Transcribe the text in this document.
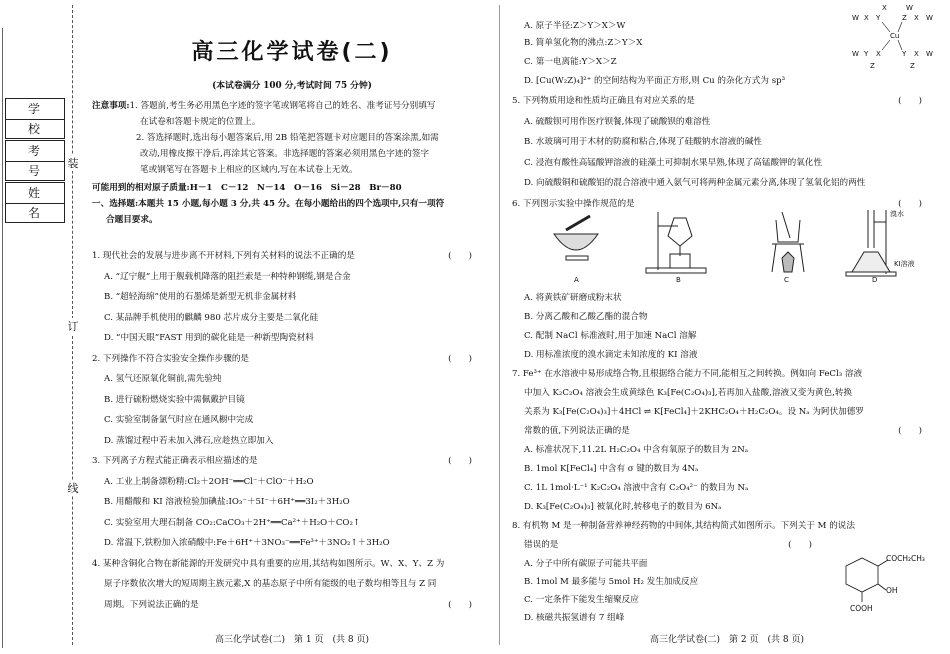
学 校
考 号
姓 名
装
订
线
高三化学试卷(二)
(本试卷满分 100 分,考试时间 75 分钟)
注意事项:1. 答题前,考生务必用黑色字迹的签字笔或钢笔将自己的姓名、准考证号分别填写
在试卷和答题卡规定的位置上。
2. 答选择题时,选出每小题答案后,用 2B 铅笔把答题卡对应题目的答案涂黑,如需
改动,用橡皮擦干净后,再涂其它答案。非选择题的答案必须用黑色字迹的签字
笔或钢笔写在答题卡上相应的区域内,写在本试卷上无效。
可能用到的相对原子质量:H－1　C－12　N－14　O－16　Si－28　Br－80
一、选择题:本题共 15 小题,每小题 3 分,共 45 分。在每小题给出的四个选项中,只有一项符
合题目要求。
1. 现代社会的发展与进步离不开材料,下列有关材料的说法不正确的是	(　　)
A. “辽宁舰”上用于舰载机降落的阻拦索是一种特种钢缆,钢是合金
B. “超轻海绵”使用的石墨烯是新型无机非金属材料
C. 某品牌手机使用的麒麟 980 芯片成分主要是二氧化硅
D. “中国天眼”FAST 用到的碳化硅是一种新型陶瓷材料
2. 下列操作不符合实验安全操作步骤的是	(　　)
A. 氢气还原氧化铜前,需先验纯
B. 进行硫粉燃烧实验中需佩戴护目镜
C. 实验室制备氯气时应在通风橱中完成
D. 蒸馏过程中若未加入沸石,应趁热立即加入
3. 下列离子方程式能正确表示相应描述的是	(　　)
A. 工业上制备漂粉精:Cl₂＋2OH⁻══Cl⁻＋ClO⁻＋H₂O
B. 用醋酸和 KI 溶液检验加碘盐:IO₃⁻＋5I⁻＋6H⁺══3I₂＋3H₂O
C. 实验室用大理石制备 CO₂:CaCO₃＋2H⁺══Ca²⁺＋H₂O＋CO₂↑
D. 常温下,铁粉加入浓硝酸中:Fe＋6H⁺＋3NO₃⁻══Fe³⁺＋3NO₂↑＋3H₂O
4. 某种含铜化合物在新能源的开发研究中具有重要的应用,其结构如图所示。W、X、Y、Z 为
原子序数依次增大的短周期主族元素,X 的基态原子中所有能级的电子数均相等且与 Z 同
周期。下列说法正确的是	(　　)
高三化学试卷(二)　第 1 页　(共 8 页)
W X Y	Z X W
Cu
W Y X	Y X W
Z	Z
X	W
A. 原子半径:Z＞Y＞X＞W
B. 简单氢化物的沸点:Z＞Y＞X
C. 第一电离能:Y＞X＞Z
D. [Cu(W₂Z)₄]²⁺ 的空间结构为平面正方形,则 Cu 的杂化方式为 sp³
5. 下列物质用途和性质均正确且有对应关系的是	(　　)
A. 硫酸钡可用作医疗钡餐,体现了硫酸钡的难溶性
B. 水玻璃可用于木材的防腐和粘合,体现了硅酸钠水溶液的碱性
C. 浸泡有酸性高锰酸钾溶液的硅藻土可抑制水果早熟,体现了高锰酸钾的氧化性
D. 向硫酸铜和硫酸铝的混合溶液中通入氨气可将两种金属元素分离,体现了氢氧化铝的两性
6. 下列图示实验中操作规范的是	(　　)
A	B	C	D
溴水
KI溶液
A. 将黄铁矿研磨成粉末状
B. 分离乙酸和乙酸乙酯的混合物
C. 配制 NaCl 标准液时,用于加速 NaCl 溶解
D. 用标准浓度的溴水滴定未知浓度的 KI 溶液
7. Fe³⁺ 在水溶液中易形成络合物,且根据络合能力不同,能相互之间转换。例如向 FeCl₃ 溶液
中加入 K₂C₂O₄ 溶液会生成黄绿色 K₃[Fe(C₂O₄)₃],若再加入盐酸,溶液又变为黄色,转换
关系为 K₃[Fe(C₂O₄)₃]＋4HCl ⇌ K[FeCl₄]＋2KHC₂O₄＋H₂C₂O₄。设 Nₐ 为阿伏加德罗
常数的值,下列说法正确的是	(　　)
A. 标准状况下,11.2L H₂C₂O₄ 中含有氧原子的数目为 2Nₐ
B. 1mol K[FeCl₄] 中含有 σ 键的数目为 4Nₐ
C. 1L 1mol·L⁻¹ K₂C₂O₄ 溶液中含有 C₂O₄²⁻ 的数目为 Nₐ
D. K₃[Fe(C₂O₄)₃] 被氧化时,转移电子的数目为 6Nₐ
8. 有机物 M 是一种制备营养神经药物的中间体,其结构简式如图所示。下列关于 M 的说法
错误的是	(　　)
A. 分子中所有碳原子可能共平面
B. 1mol M 最多能与 5mol H₂ 发生加成反应
C. 一定条件下能发生缩聚反应
D. 核磁共振氢谱有 7 组峰
COCH₂CH₃
OH
COOH
高三化学试卷(二)　第 2 页　(共 8 页)
